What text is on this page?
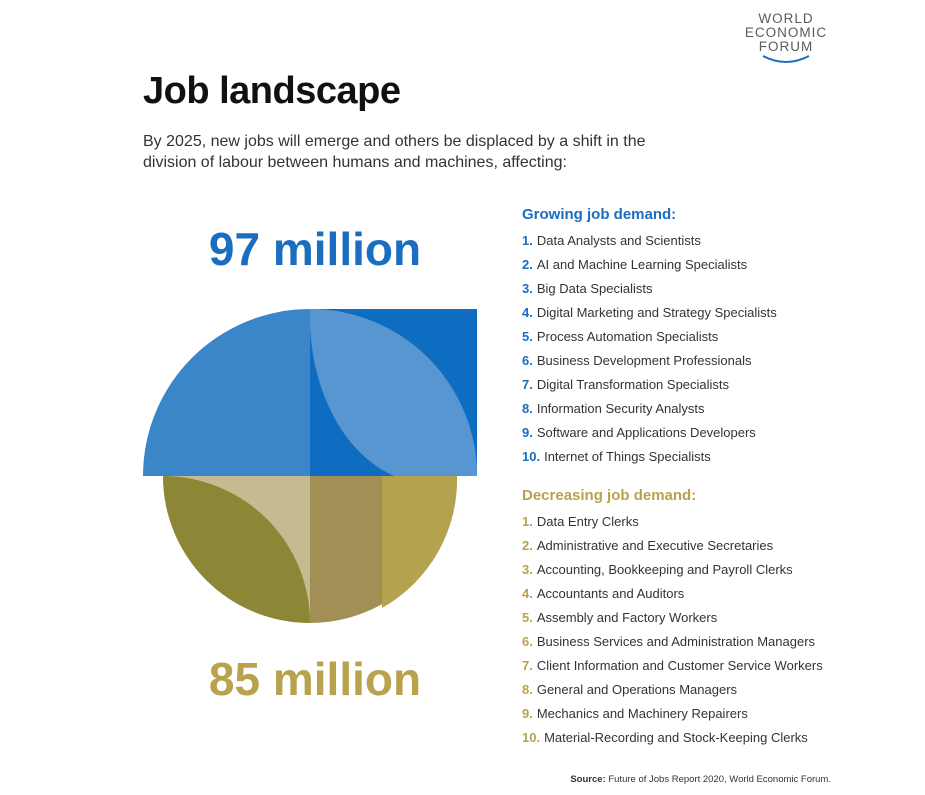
WORLD
ECONOMIC
FORUM
Job landscape

By 2025, new jobs will emerge and others be displaced by a shift in the division of labour between humans and machines, affecting:

97 million
85 million
Growing job demand:
1. Data Analysts and Scientists
2. AI and Machine Learning Specialists
3. Big Data Specialists
4. Digital Marketing and Strategy Specialists
5. Process Automation Specialists
6. Business Development Professionals
7. Digital Transformation Specialists
8. Information Security Analysts
9. Software and Applications Developers
10. Internet of Things Specialists
Decreasing job demand:
1. Data Entry Clerks
2. Administrative and Executive Secretaries
3. Accounting, Bookkeeping and Payroll Clerks
4. Accountants and Auditors
5. Assembly and Factory Workers
6. Business Services and Administration Managers
7. Client Information and Customer Service Workers
8. General and Operations Managers
9. Mechanics and Machinery Repairers
10. Material-Recording and Stock-Keeping Clerks
Source: Future of Jobs Report 2020, World Economic Forum.
